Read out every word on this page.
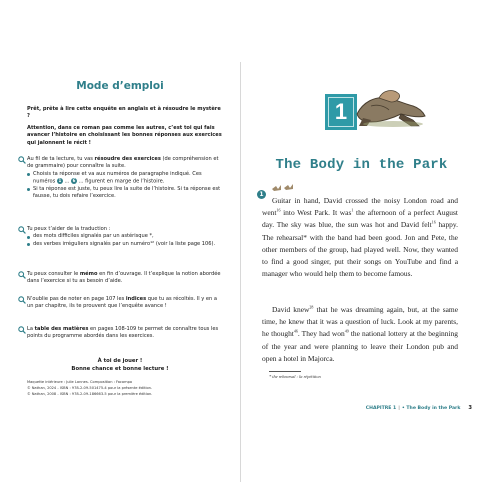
Mode d’emploi
Prêt, prête à lire cette enquête en anglais et à résoudre le mystère ?
Attention, dans ce roman pas comme les autres, c’est toi qui fais avancer l’histoire en choisissant les bonnes réponses aux exercices qui jalonnent le récit !
Au fil de ta lecture, tu vas résoudre des exercices (de compréhension et de grammaire) pour connaître la suite.
Choisis ta réponse et va aux numéros de paragraphe indiqué. Ces numéros 1 ... 6 ... figurent en marge de l’histoire.
Si ta réponse est juste, tu peux lire la suite de l’histoire. Si ta réponse est fausse, tu dois refaire l’exercice.
Tu peux t’aider de la traduction :
des mots difficiles signalés par un astérisque *,
des verbes irréguliers signalés par un numéro¹² (voir la liste page 106).
Tu peux consulter le mémo en fin d’ouvrage. Il t’explique la notion abordée dans l’exercice si tu as besoin d’aide.
N’oublie pas de noter en page 107 les indices que tu as récoltés. Il y en a un par chapitre, ils te prouvent que l’enquête avance !
La table des matières en pages 108-109 te permet de connaître tous les points du programme abordés dans les exercices.
À toi de jouer !
Bonne chance et bonne lecture !
Maquette intérieure : Julie Lannes. Composition : Facompo
© Nathan, 2024 - ISBN : 978-2-09-501475-4 pour la présente édition.
© Nathan, 2008 - ISBN : 978-2-09-186663-5 pour la première édition.
1
The Body in the Park
1

Guitar in hand, David crossed the noisy London road and went$^{16}$ into West Park. It was$^1$ the afternoon of a perfect August day. The sky was blue, the sun was hot and David felt$^{16}$ happy. The rehearsal* with the band had been good. Jon and Pete, the other members of the group, had played well. Now, they wanted to find a good singer, put their songs on YouTube and find a manager who would help them to become famous.

David knew$^{28}$ that he was dreaming again, but, at the same time, he knew that it was a question of luck. Look at my parents, he thought$^{46}$. They had won$^{49}$ the national lottery at the beginning of the year and were planning to leave their London pub and open a hotel in Majorca.

* the rehearsal : la répétition
CHAPITRE 1 | • The Body in the Park 3
